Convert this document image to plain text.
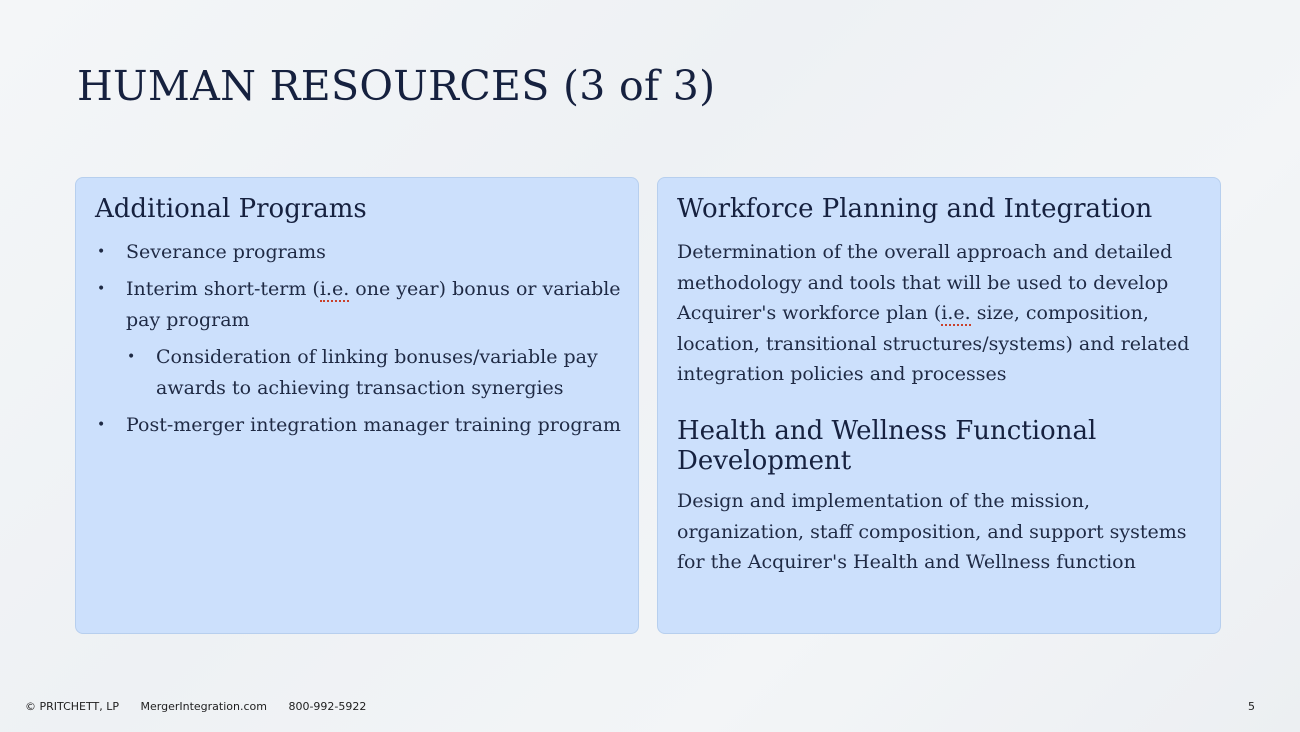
HUMAN RESOURCES (3 of 3)
Additional Programs
• Severance programs
• Interim short-term (i.e. one year) bonus or variable pay program
• Consideration of linking bonuses/variable pay awards to achieving transaction synergies
• Post-merger integration manager training program
Workforce Planning and Integration
Determination of the overall approach and detailed methodology and tools that will be used to develop Acquirer's workforce plan (i.e. size, composition, location, transitional structures/systems) and related integration policies and processes
Health and Wellness Functional Development
Design and implementation of the mission, organization, staff composition, and support systems for the Acquirer's Health and Wellness function
© PRITCHETT, LP MergerIntegration.com 800-992-5922	5
